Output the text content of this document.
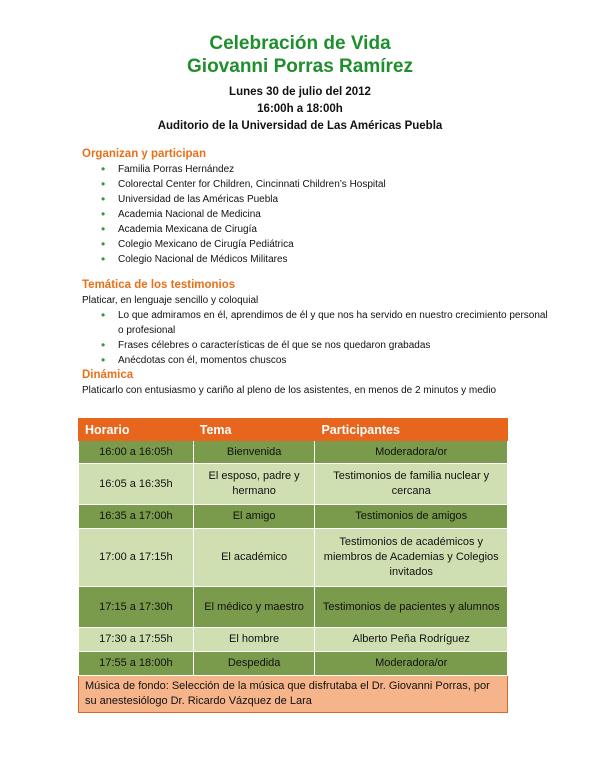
Celebración de Vida
Giovanni Porras Ramírez
Lunes 30 de julio del 2012
16:00h a 18:00h
Auditorio de la Universidad de Las Américas Puebla
Organizan y participan
• Familia Porras Hernández
• Colorectal Center for Children, Cincinnati Children’s Hospital
• Universidad de las Américas Puebla
• Academia Nacional de Medicina
• Academia Mexicana de Cirugía
• Colegio Mexicano de Cirugía Pediátrica
• Colegio Nacional de Médicos Militares
Temática de los testimonios

Platicar, en lenguaje sencillo y coloquial

• Lo que admiramos en él, aprendimos de él y que nos ha servido en nuestro crecimiento personal o profesional
• Frases célebres o características de él que se nos quedaron grabadas
• Anécdotas con él, momentos chuscos
Dinámica

Platicarlo con entusiasmo y cariño al pleno de los asistentes, en menos de 2 minutos y medio

Horario	Tema	Participantes
16:00 a 16:05h	Bienvenida	Moderadora/or
16:05 a 16:35h	El esposo, padre y hermano	Testimonios de familia nuclear y cercana
16:35 a 17:00h	El amigo	Testimonios de amigos
17:00 a 17:15h	El académico	Testimonios de académicos y miembros de Academias y Colegios invitados
17:15 a 17:30h	El médico y maestro	Testimonios de pacientes y alumnos
17:30 a 17:55h	El hombre	Alberto Peña Rodríguez
17:55 a 18:00h	Despedida	Moderadora/or
Música de fondo: Selección de la música que disfrutaba el Dr. Giovanni Porras, por su anestesiólogo Dr. Ricardo Vázquez de Lara		
